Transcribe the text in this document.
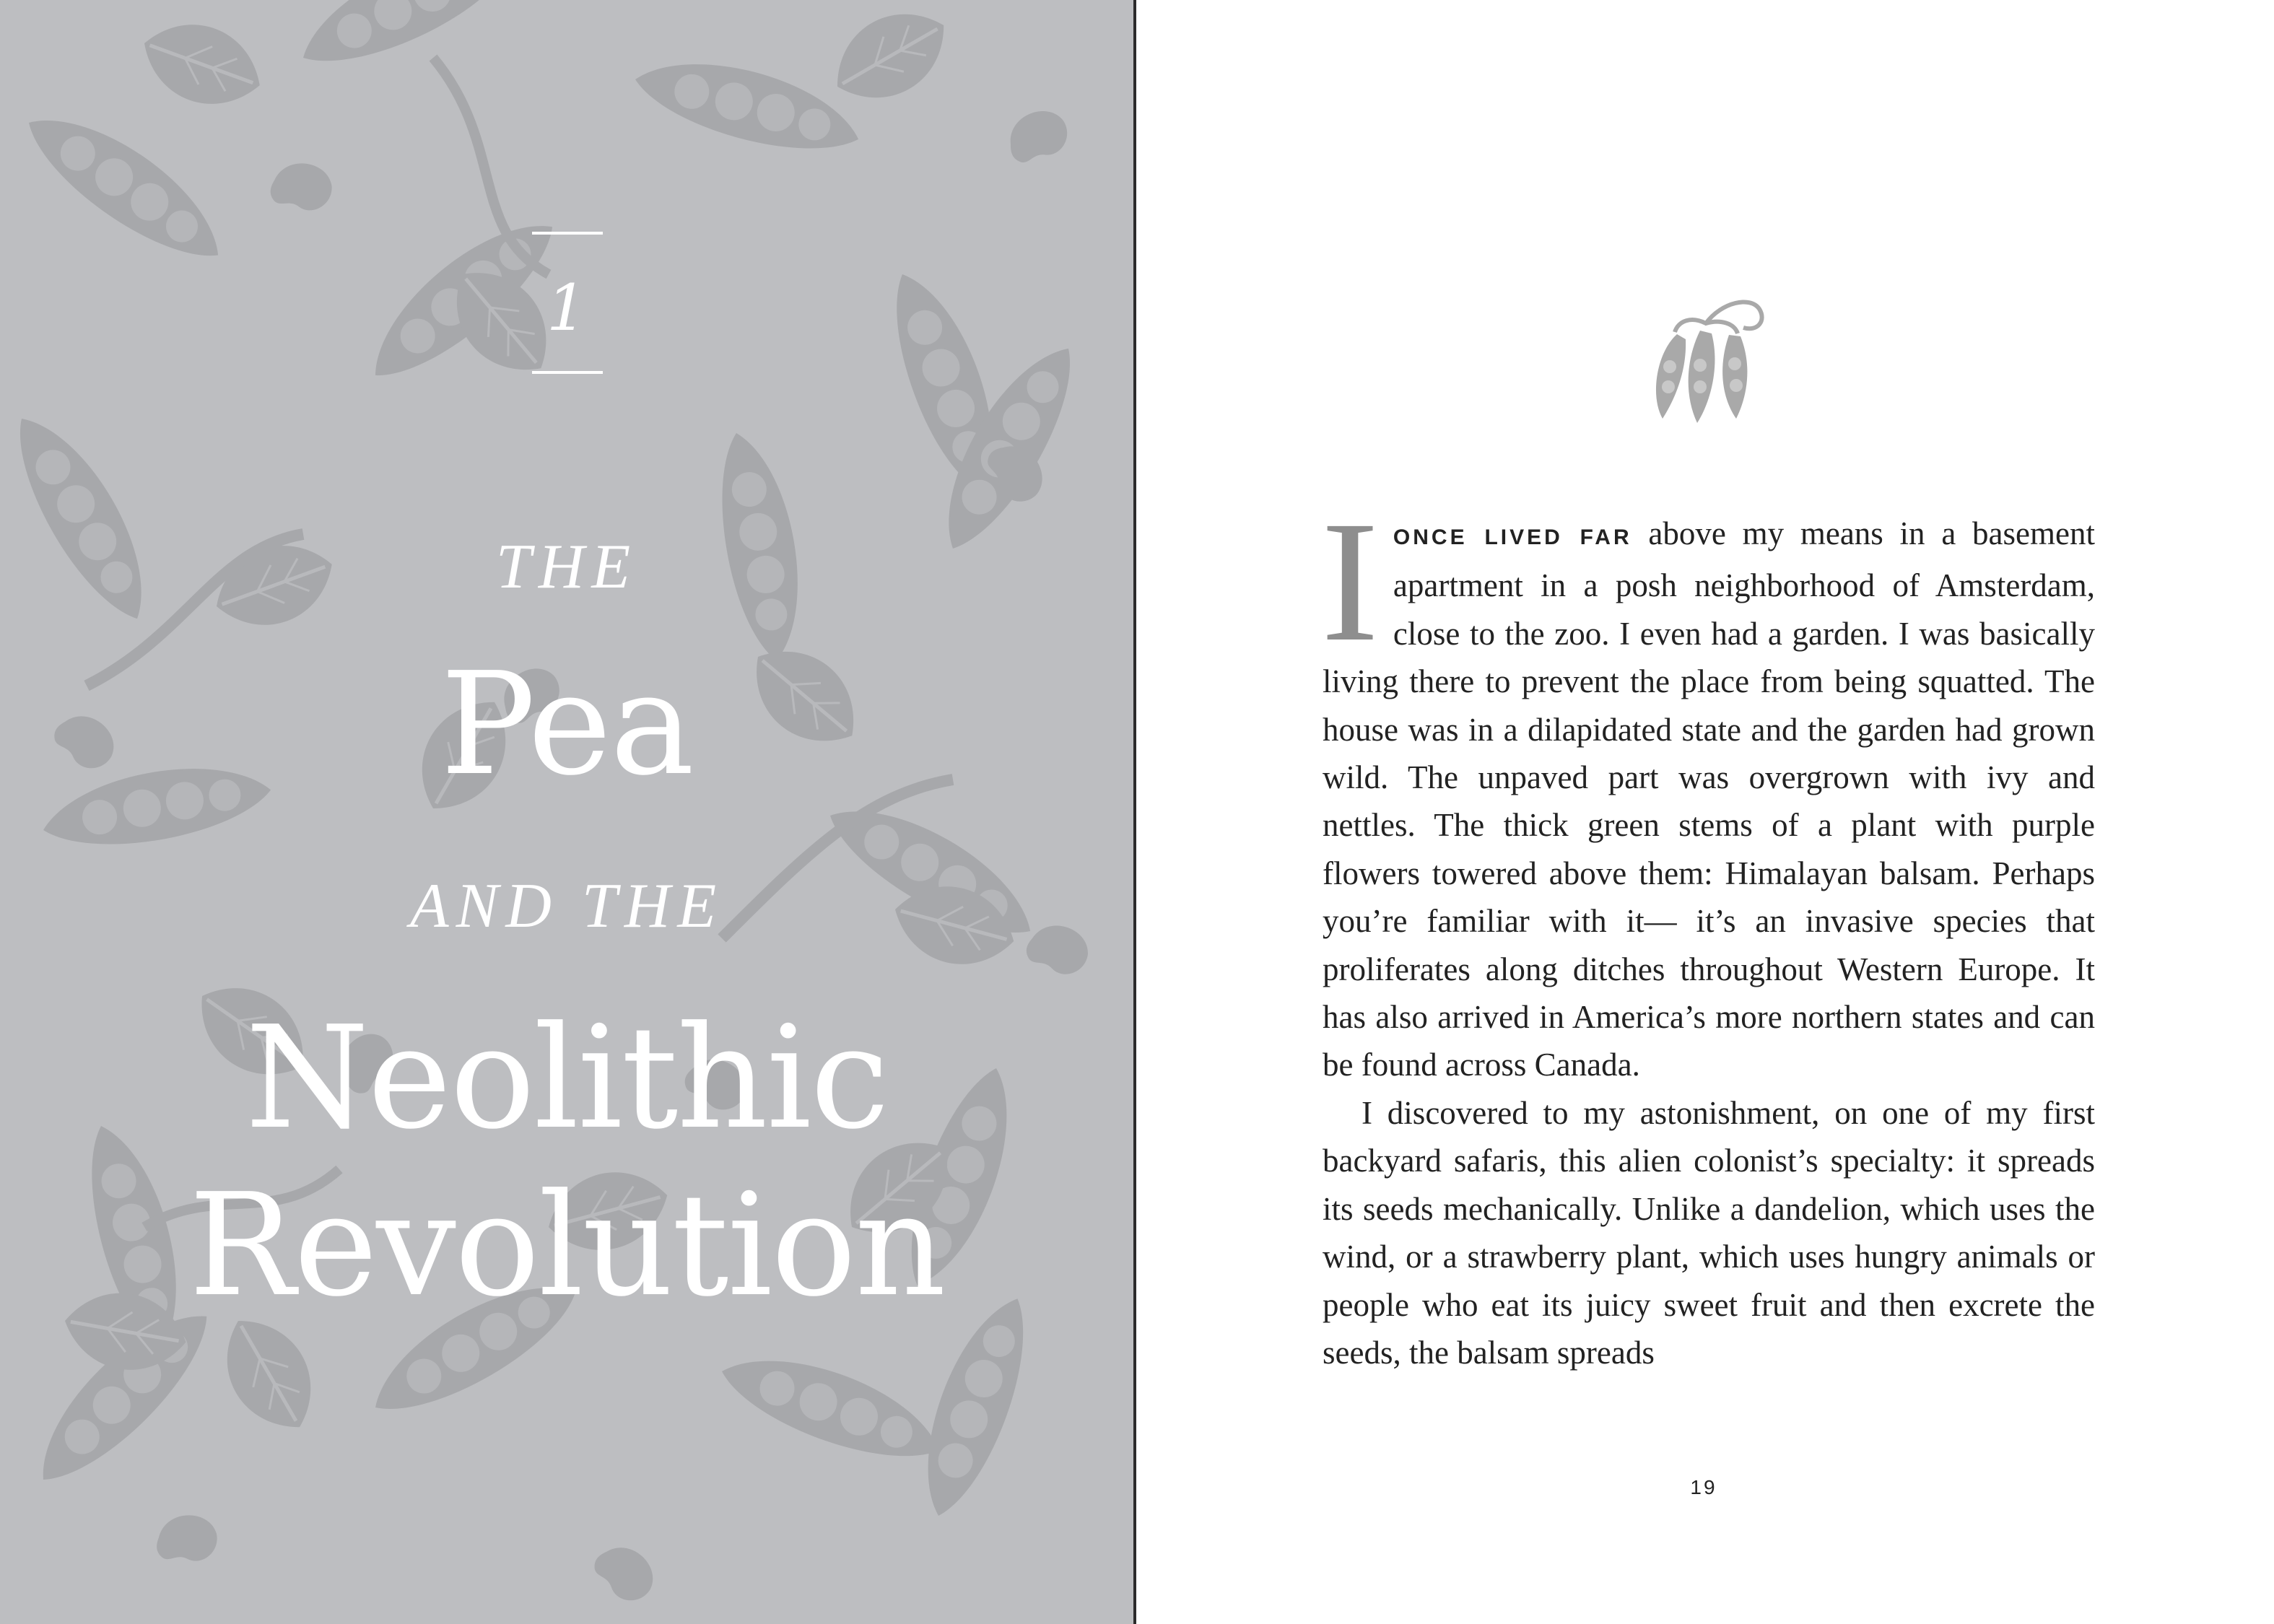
1
THE
Pea
AND THE
Neolithic
Revolution

IONCE LIVED FAR above my means in a basement apartment in a posh neighborhood of Amsterdam, close to the zoo. I even had a garden. I was basically living there to prevent the place from being squatted. The house was in a dilapidated state and the garden had grown wild. The unpaved part was overgrown with ivy and nettles. The thick green stems of a plant with purple flowers towered above them: Himalayan balsam. Perhaps you’re familiar with it— it’s an invasive species that proliferates along ditches throughout Western Europe. It has also arrived in America’s more northern states and can be found across Canada.

I discovered to my astonishment, on one of my first backyard safaris, this alien colonist’s specialty: it spreads its seeds mechanically. Unlike a dandelion, which uses the wind, or a strawberry plant, which uses hungry animals or people who eat its juicy sweet fruit and then excrete the seeds, the balsam spreads

19
